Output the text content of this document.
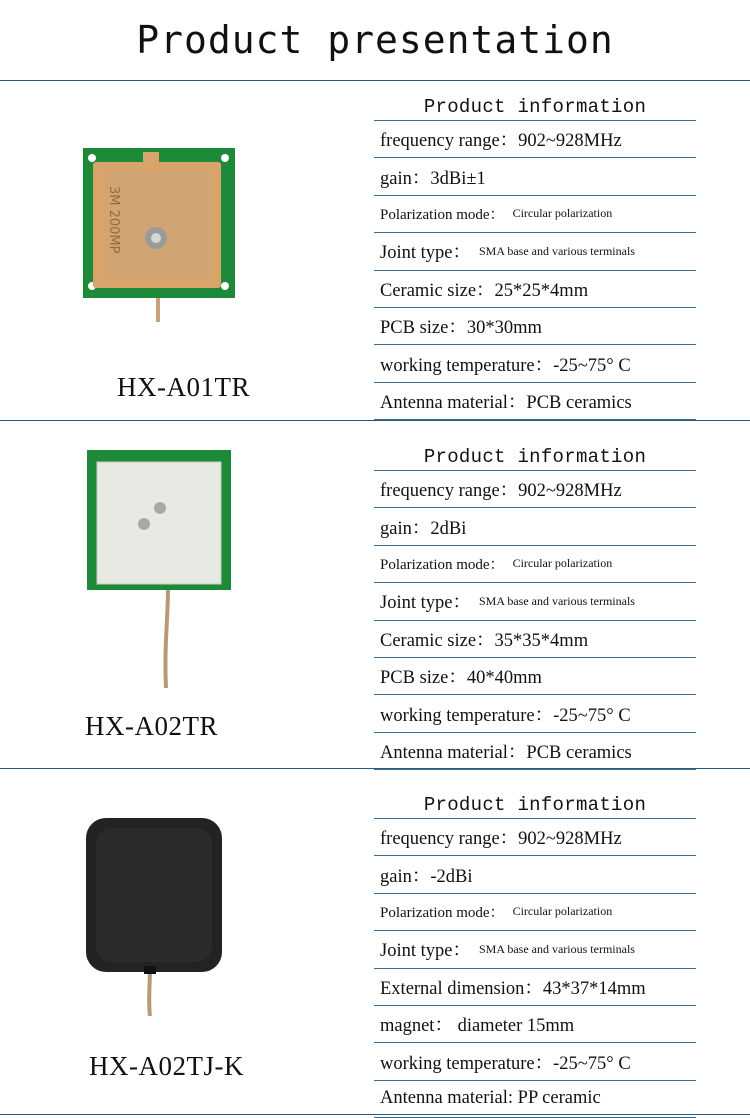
Product presentation
3M 200MP
HX-A01TR
Product information
frequency range：902~928MHz
gain：3dBi±1
Polarization mode： Circular polarization
Joint type： SMA base and various terminals
Ceramic size：25*25*4mm
PCB size：30*30mm
working temperature：-25~75° C
Antenna material：PCB ceramics
HX-A02TR
Product information
frequency range：902~928MHz
gain：2dBi
Polarization mode： Circular polarization
Joint type： SMA base and various terminals
Ceramic size：35*35*4mm
PCB size：40*40mm
working temperature：-25~75° C
Antenna material：PCB ceramics
HX-A02TJ-K
Product information
frequency range：902~928MHz
gain：-2dBi
Polarization mode： Circular polarization
Joint type： SMA base and various terminals
External dimension：43*37*14mm
magnet： diameter 15mm
working temperature：-25~75° C
Antenna material: PP ceramic
